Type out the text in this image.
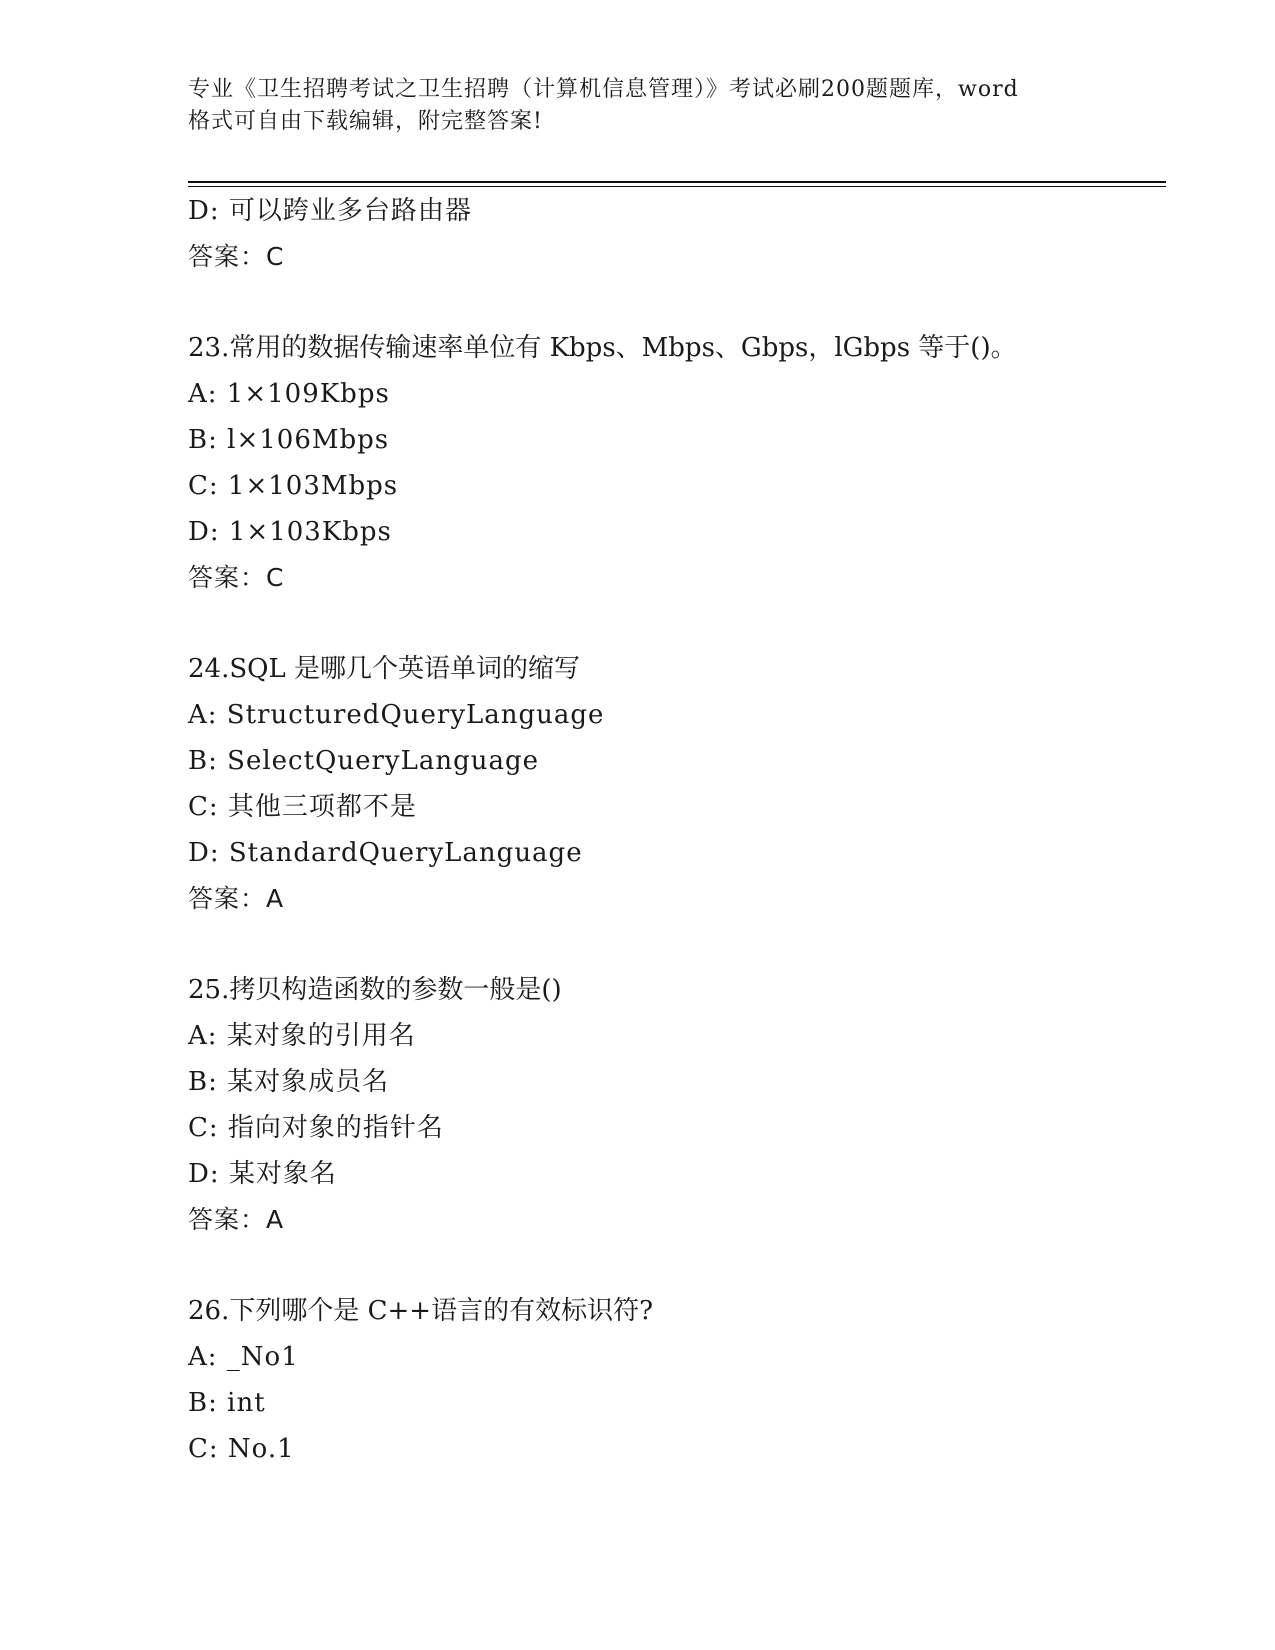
专业《卫生招聘考试之卫生招聘（计算机信息管理）》考试必刷200题题库，word
格式可自由下载编辑，附完整答案!
D: 可以跨业多台路由器
答案：C
23.常用的数据传输速率单位有 Kbps、Mbps、Gbps，lGbps 等于()。
A: 1×109Kbps
B: l×106Mbps
C: 1×103Mbps
D: 1×103Kbps
答案：C
24.SQL 是哪几个英语单词的缩写
A: StructuredQueryLanguage
B: SelectQueryLanguage
C: 其他三项都不是
D: StandardQueryLanguage
答案：A
25.拷贝构造函数的参数一般是()
A: 某对象的引用名
B: 某对象成员名
C: 指向对象的指针名
D: 某对象名
答案：A
26.下列哪个是 C++语言的有效标识符?
A: _No1
B: int
C: No.1
